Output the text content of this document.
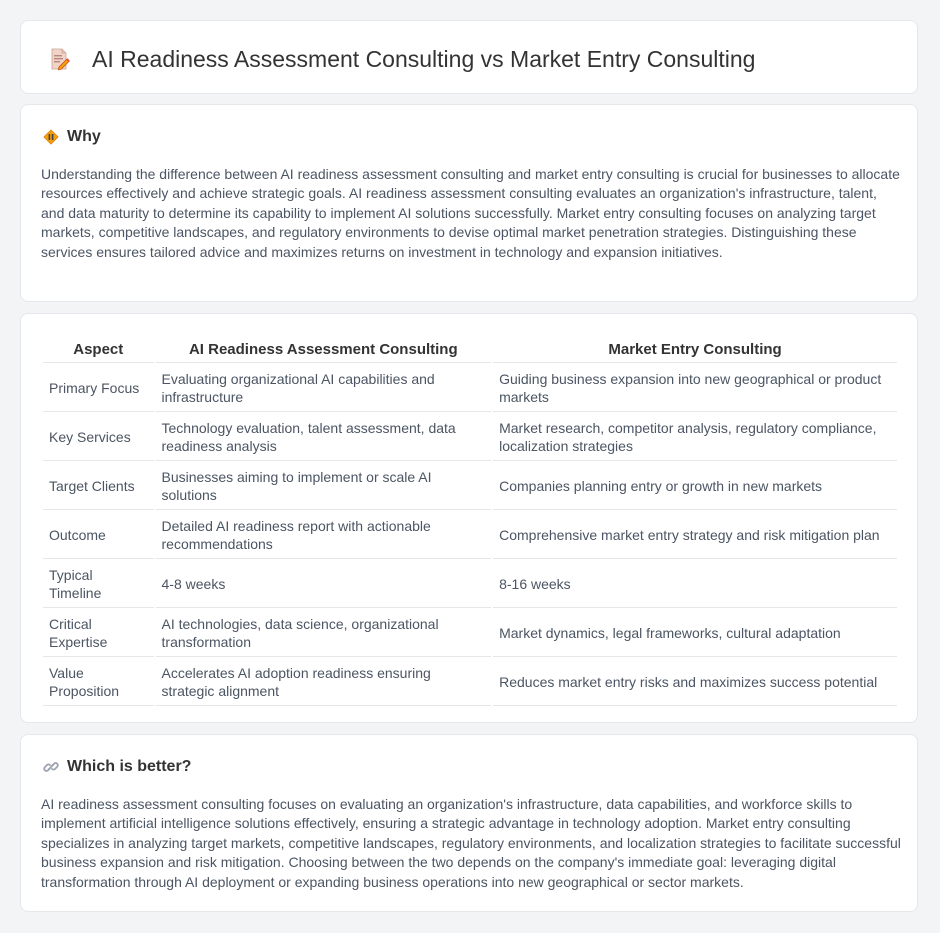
AI Readiness Assessment Consulting vs Market Entry Consulting
Why

Understanding the difference between AI readiness assessment consulting and market entry consulting is crucial for businesses to allocate resources effectively and achieve strategic goals. AI readiness assessment consulting evaluates an organization's infrastructure, talent, and data maturity to determine its capability to implement AI solutions successfully. Market entry consulting focuses on analyzing target markets, competitive landscapes, and regulatory environments to devise optimal market penetration strategies. Distinguishing these services ensures tailored advice and maximizes returns on investment in technology and expansion initiatives.

Aspect	AI Readiness Assessment Consulting	Market Entry Consulting
Primary Focus	Evaluating organizational AI capabilities and infrastructure	Guiding business expansion into new geographical or product markets
Key Services	Technology evaluation, talent assessment, data readiness analysis	Market research, competitor analysis, regulatory compliance, localization strategies
Target Clients	Businesses aiming to implement or scale AI solutions	Companies planning entry or growth in new markets
Outcome	Detailed AI readiness report with actionable recommendations	Comprehensive market entry strategy and risk mitigation plan
Typical Timeline	4-8 weeks	8-16 weeks
Critical Expertise	AI technologies, data science, organizational transformation	Market dynamics, legal frameworks, cultural adaptation
Value Proposition	Accelerates AI adoption readiness ensuring strategic alignment	Reduces market entry risks and maximizes success potential
Which is better?

AI readiness assessment consulting focuses on evaluating an organization's infrastructure, data capabilities, and workforce skills to implement artificial intelligence solutions effectively, ensuring a strategic advantage in technology adoption. Market entry consulting specializes in analyzing target markets, competitive landscapes, regulatory environments, and localization strategies to facilitate successful business expansion and risk mitigation. Choosing between the two depends on the company's immediate goal: leveraging digital transformation through AI deployment or expanding business operations into new geographical or sector markets.
